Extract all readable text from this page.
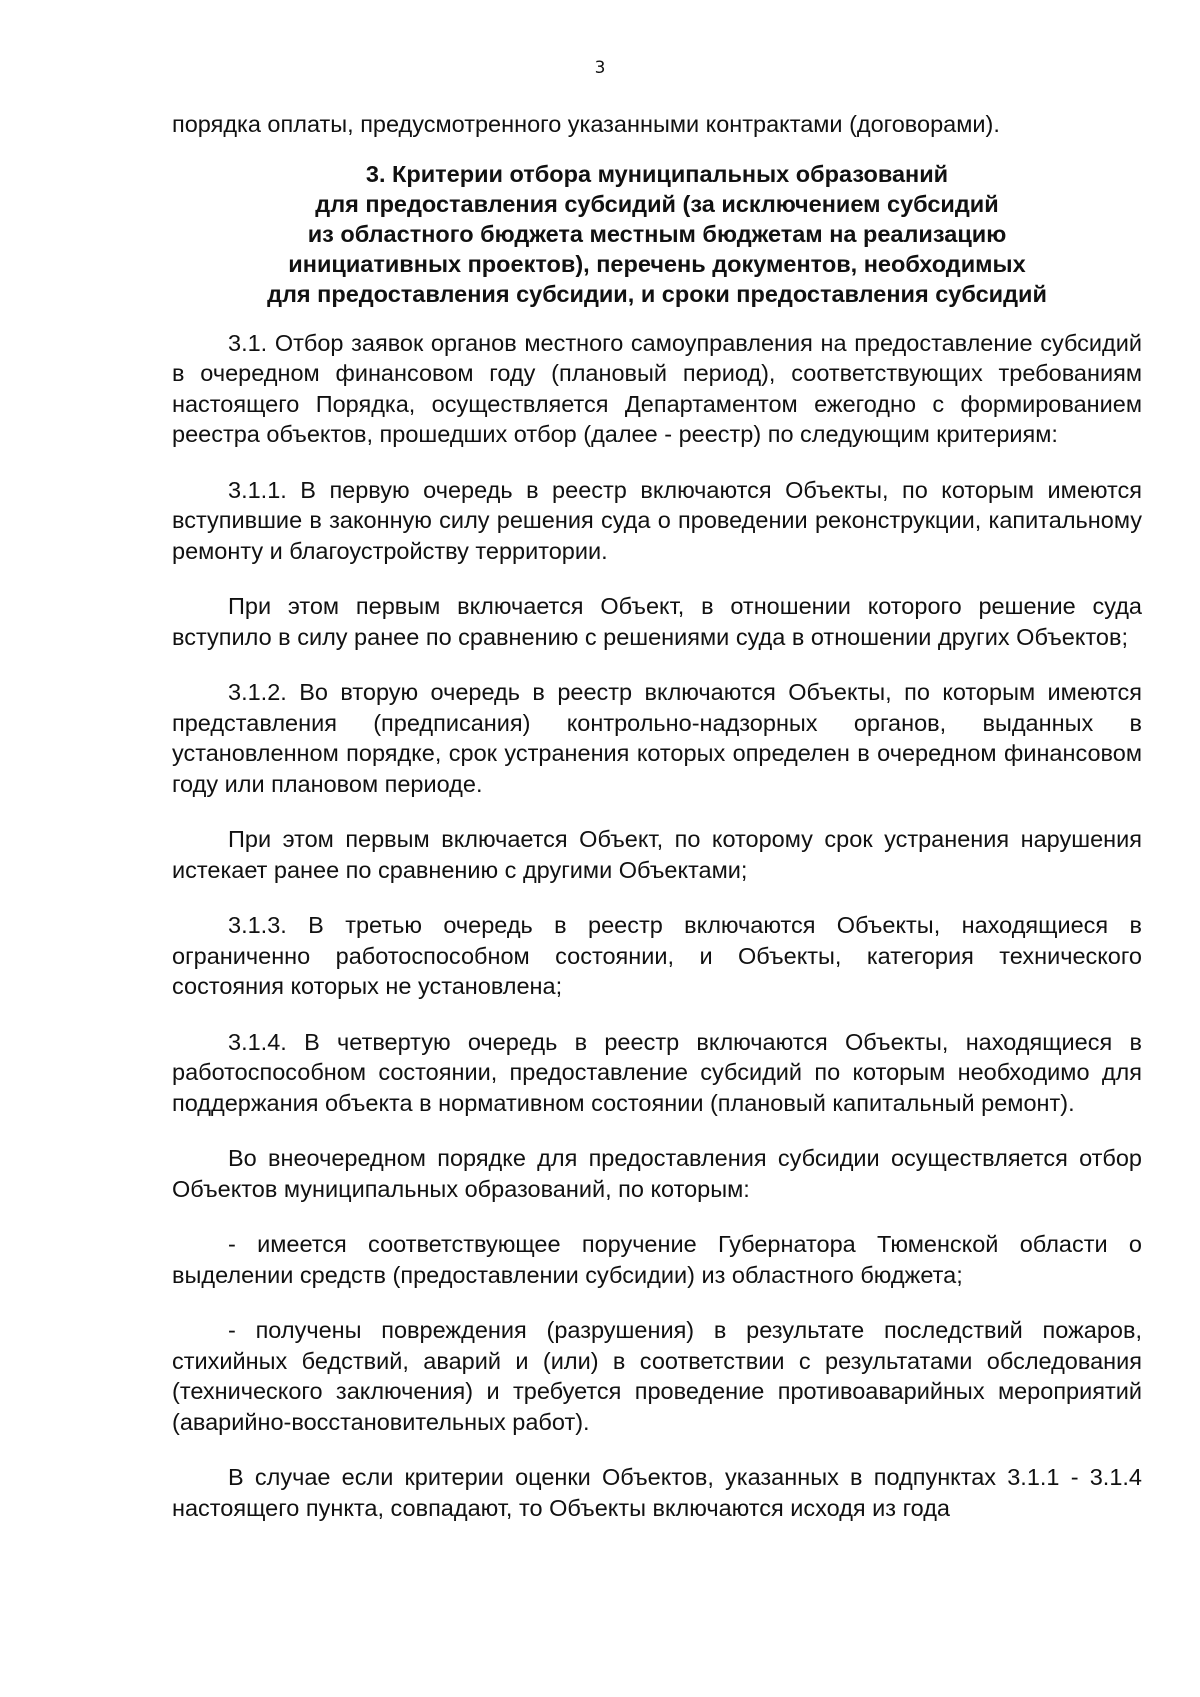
3

порядка оплаты, предусмотренного указанными контрактами (договорами).

3. Критерии отбора муниципальных образований
для предоставления субсидий (за исключением субсидий
из областного бюджета местным бюджетам на реализацию
инициативных проектов), перечень документов, необходимых
для предоставления субсидии, и сроки предоставления субсидий

3.1. Отбор заявок органов местного самоуправления на предоставление субсидий в очередном финансовом году (плановый период), соответствующих требованиям настоящего Порядка, осуществляется Департаментом ежегодно с формированием реестра объектов, прошедших отбор (далее - реестр) по следующим критериям:

3.1.1. В первую очередь в реестр включаются Объекты, по которым имеются вступившие в законную силу решения суда о проведении реконструкции, капитальному ремонту и благоустройству территории.

При этом первым включается Объект, в отношении которого решение суда вступило в силу ранее по сравнению с решениями суда в отношении других Объектов;

3.1.2. Во вторую очередь в реестр включаются Объекты, по которым имеются представления (предписания) контрольно-надзорных органов, выданных в установленном порядке, срок устранения которых определен в очередном финансовом году или плановом периоде.

При этом первым включается Объект, по которому срок устранения нарушения истекает ранее по сравнению с другими Объектами;

3.1.3. В третью очередь в реестр включаются Объекты, находящиеся в ограниченно работоспособном состоянии, и Объекты, категория технического состояния которых не установлена;

3.1.4. В четвертую очередь в реестр включаются Объекты, находящиеся в работоспособном состоянии, предоставление субсидий по которым необходимо для поддержания объекта в нормативном состоянии (плановый капитальный ремонт).

Во внеочередном порядке для предоставления субсидии осуществляется отбор Объектов муниципальных образований, по которым:

- имеется соответствующее поручение Губернатора Тюменской области о выделении средств (предоставлении субсидии) из областного бюджета;

- получены повреждения (разрушения) в результате последствий пожаров, стихийных бедствий, аварий и (или) в соответствии с результатами обследования (технического заключения) и требуется проведение противоаварийных мероприятий (аварийно-восстановительных работ).

В случае если критерии оценки Объектов, указанных в подпунктах 3.1.1 - 3.1.4 настоящего пункта, совпадают, то Объекты включаются исходя из года
